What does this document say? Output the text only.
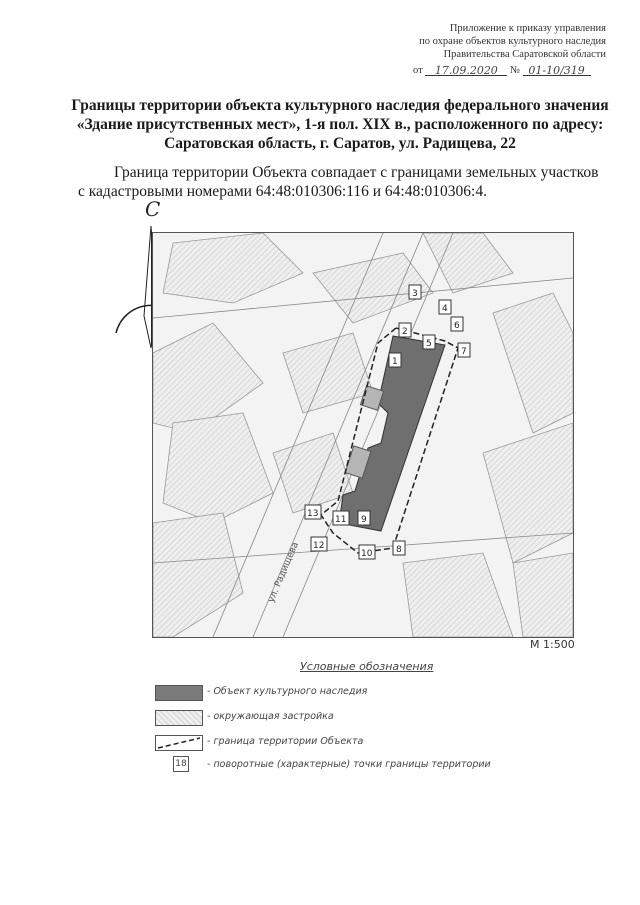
Приложение к приказу управления
по охране объектов культурного наследия
Правительства Саратовской области
от 17.09.2020 № 01-10/319
Границы территории объекта культурного наследия федерального значения «Здание присутственных мест», 1-я пол. XIX в., расположенного по адресу: Саратовская область, г. Саратов, ул. Радищева, 22
Граница территории Объекта совпадает с границами земельных участков с кадастровыми номерами 64:48:010306:116 и 64:48:010306:4.
С
ул. Радищева
3
4
2
5
6
7
8
9
10
11
12
13
1
М 1:500
Условные обозначения
- Объект культурного наследия
- окружающая застройка
- граница территории Объекта
18 - поворотные (характерные) точки границы территории
